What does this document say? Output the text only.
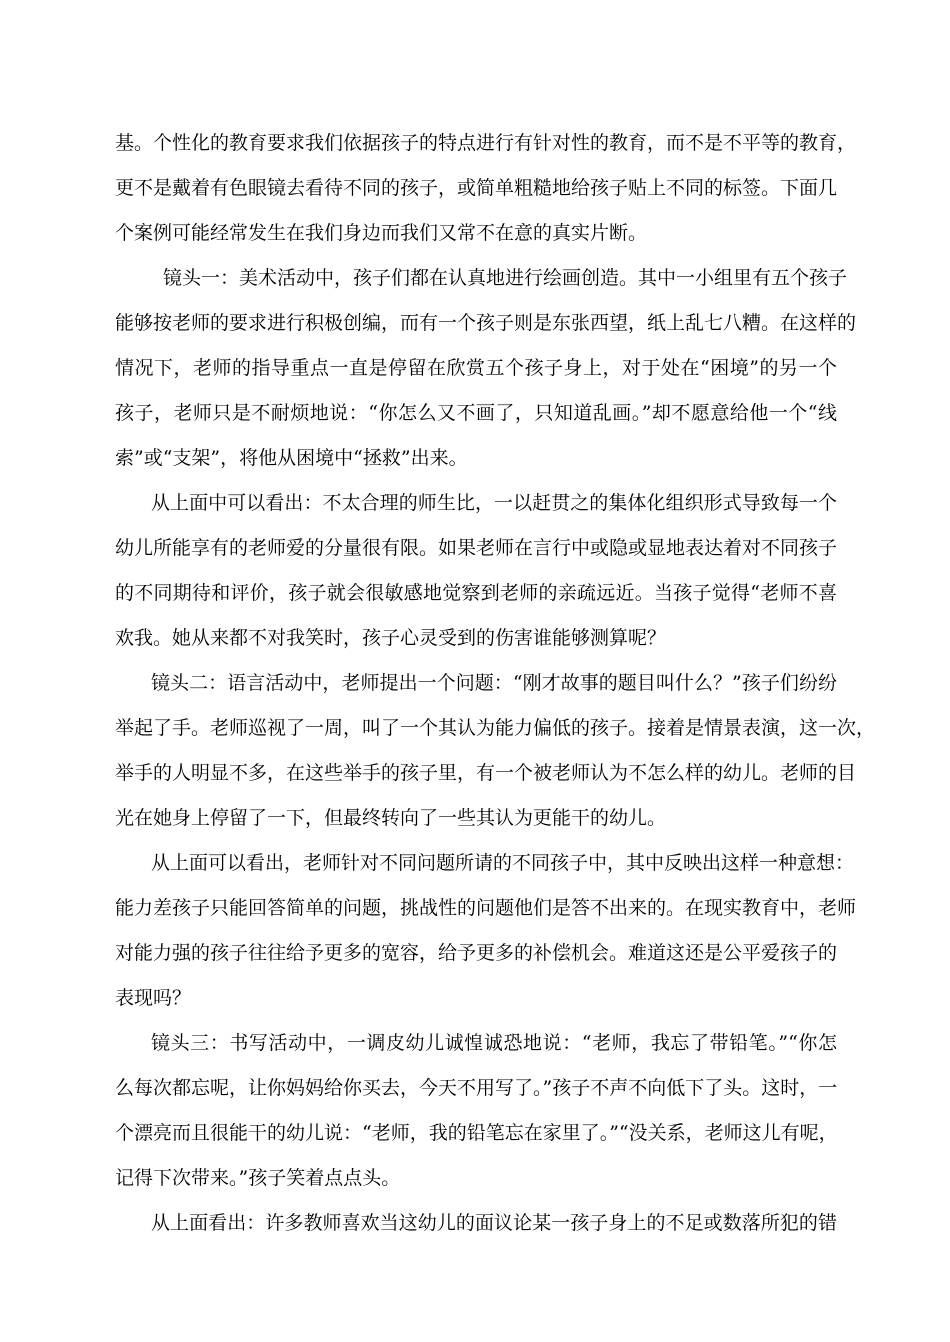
基。个性化的教育要求我们依据孩子的特点进行有针对性的教育，而不是不平等的教育，
更不是戴着有色眼镜去看待不同的孩子，或简单粗糙地给孩子贴上不同的标签。下面几
个案例可能经常发生在我们身边而我们又常不在意的真实片断。
镜头一：美术活动中，孩子们都在认真地进行绘画创造。其中一小组里有五个孩子
能够按老师的要求进行积极创编，而有一个孩子则是东张西望，纸上乱七八糟。在这样的
情况下，老师的指导重点一直是停留在欣赏五个孩子身上，对于处在“困境”的另一个
孩子，老师只是不耐烦地说：“你怎么又不画了，只知道乱画。”却不愿意给他一个“线
索”或“支架”，将他从困境中“拯救”出来。
从上面中可以看出：不太合理的师生比，一以赶贯之的集体化组织形式导致每一个
幼儿所能享有的老师爱的分量很有限。如果老师在言行中或隐或显地表达着对不同孩子
的不同期待和评价，孩子就会很敏感地觉察到老师的亲疏远近。当孩子觉得“老师不喜
欢我。她从来都不对我笑时，孩子心灵受到的伤害谁能够测算呢？
镜头二：语言活动中，老师提出一个问题：“刚才故事的题目叫什么？”孩子们纷纷
举起了手。老师巡视了一周，叫了一个其认为能力偏低的孩子。接着是情景表演，这一次，
举手的人明显不多，在这些举手的孩子里，有一个被老师认为不怎么样的幼儿。老师的目
光在她身上停留了一下，但最终转向了一些其认为更能干的幼儿。
从上面可以看出，老师针对不同问题所请的不同孩子中，其中反映出这样一种意想：
能力差孩子只能回答简单的问题，挑战性的问题他们是答不出来的。在现实教育中，老师
对能力强的孩子往往给予更多的宽容，给予更多的补偿机会。难道这还是公平爱孩子的
表现吗？
镜头三：书写活动中，一调皮幼儿诚惶诚恐地说：“老师，我忘了带铅笔。”“你怎
么每次都忘呢，让你妈妈给你买去，今天不用写了。”孩子不声不向低下了头。这时，一
个漂亮而且很能干的幼儿说：“老师，我的铅笔忘在家里了。”“没关系，老师这儿有呢，
记得下次带来。”孩子笑着点点头。
从上面看出：许多教师喜欢当这幼儿的面议论某一孩子身上的不足或数落所犯的错
